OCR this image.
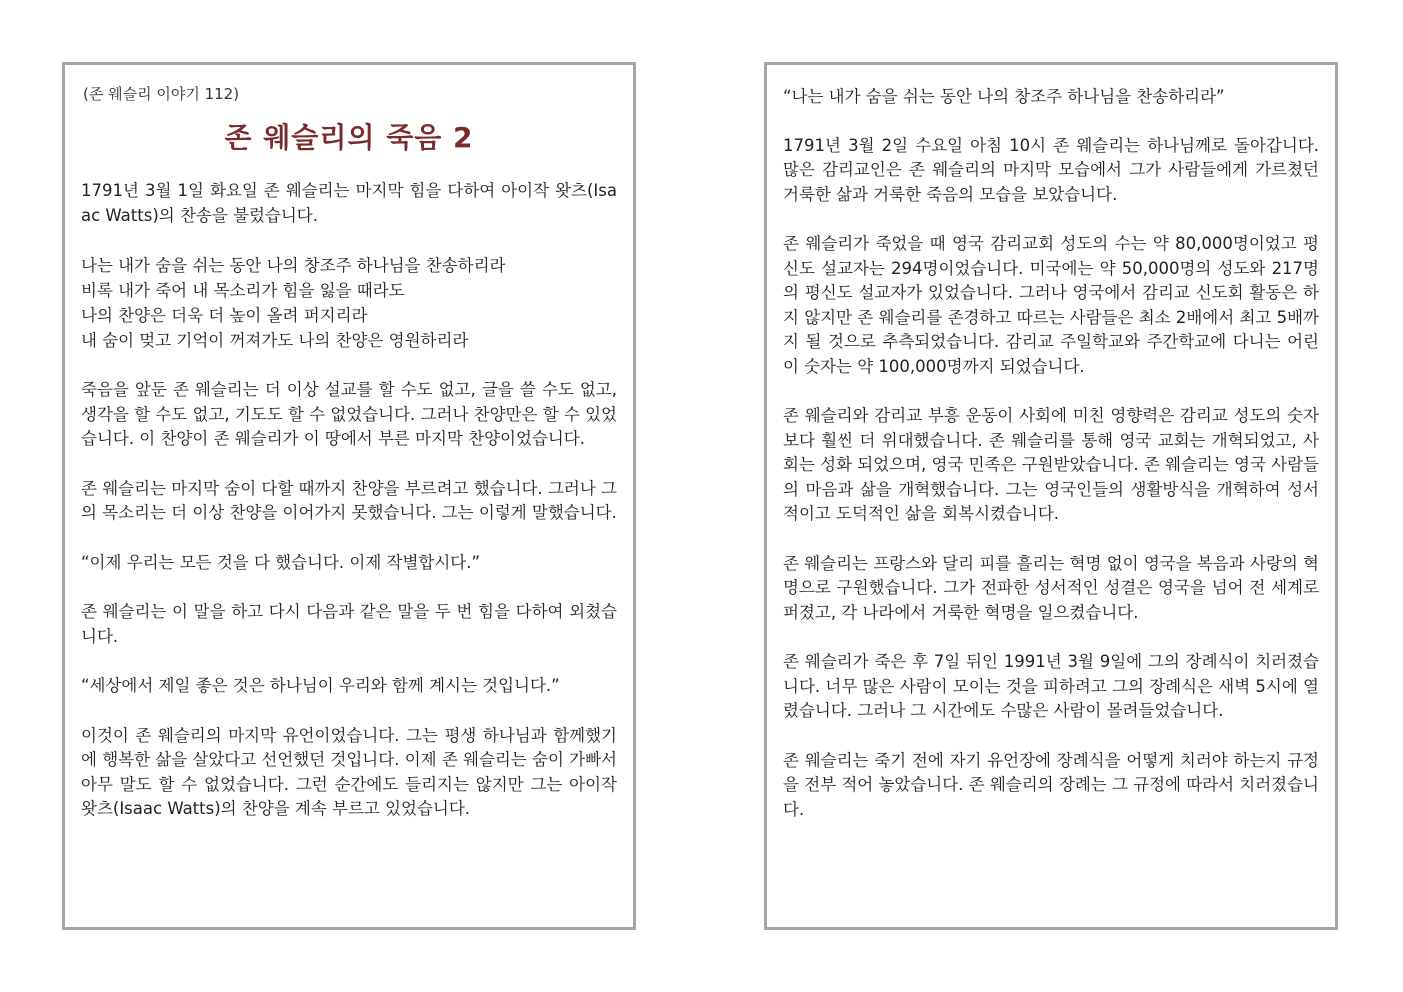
(존 웨슬리 이야기 112)
존 웨슬리의 죽음 2
1791년 3월 1일 화요일 존 웨슬리는 마지막 힘을 다하여 아이작 왓츠(Isaac Watts)의 찬송을 불렀습니다.
나는 내가 숨을 쉬는 동안 나의 창조주 하나님을 찬송하리라
비록 내가 죽어 내 목소리가 힘을 잃을 때라도
나의 찬양은 더욱 더 높이 올려 퍼지리라
내 숨이 멎고 기억이 꺼져가도 나의 찬양은 영원하리라
죽음을 앞둔 존 웨슬리는 더 이상 설교를 할 수도 없고, 글을 쓸 수도 없고, 생각을 할 수도 없고, 기도도 할 수 없었습니다. 그러나 찬양만은 할 수 있었습니다. 이 찬양이 존 웨슬리가 이 땅에서 부른 마지막 찬양이었습니다.
존 웨슬리는 마지막 숨이 다할 때까지 찬양을 부르려고 했습니다. 그러나 그의 목소리는 더 이상 찬양을 이어가지 못했습니다. 그는 이렇게 말했습니다.
“이제 우리는 모든 것을 다 했습니다. 이제 작별합시다.”
존 웨슬리는 이 말을 하고 다시 다음과 같은 말을 두 번 힘을 다하여 외쳤습니다.
“세상에서 제일 좋은 것은 하나님이 우리와 함께 계시는 것입니다.”
이것이 존 웨슬리의 마지막 유언이었습니다. 그는 평생 하나님과 함께했기에 행복한 삶을 살았다고 선언했던 것입니다. 이제 존 웨슬리는 숨이 가빠서 아무 말도 할 수 없었습니다. 그런 순간에도 들리지는 않지만 그는 아이작 왓츠(Isaac Watts)의 찬양을 계속 부르고 있었습니다.
“나는 내가 숨을 쉬는 동안 나의 창조주 하나님을 찬송하리라”
1791년 3월 2일 수요일 아침 10시 존 웨슬리는 하나님께로 돌아갑니다. 많은 감리교인은 존 웨슬리의 마지막 모습에서 그가 사람들에게 가르쳤던 거룩한 삶과 거룩한 죽음의 모습을 보았습니다.
존 웨슬리가 죽었을 때 영국 감리교회 성도의 수는 약 80,000명이었고 평신도 설교자는 294명이었습니다. 미국에는 약 50,000명의 성도와 217명의 평신도 설교자가 있었습니다. 그러나 영국에서 감리교 신도회 활동은 하지 않지만 존 웨슬리를 존경하고 따르는 사람들은 최소 2배에서 최고 5배까지 될 것으로 추측되었습니다. 감리교 주일학교와 주간학교에 다니는 어린이 숫자는 약 100,000명까지 되었습니다.
존 웨슬리와 감리교 부흥 운동이 사회에 미친 영향력은 감리교 성도의 숫자보다 훨씬 더 위대했습니다. 존 웨슬리를 통해 영국 교회는 개혁되었고, 사회는 성화 되었으며, 영국 민족은 구원받았습니다. 존 웨슬리는 영국 사람들의 마음과 삶을 개혁했습니다. 그는 영국인들의 생활방식을 개혁하여 성서적이고 도덕적인 삶을 회복시켰습니다.
존 웨슬리는 프랑스와 달리 피를 흘리는 혁명 없이 영국을 복음과 사랑의 혁명으로 구원했습니다. 그가 전파한 성서적인 성결은 영국을 넘어 전 세계로 퍼졌고, 각 나라에서 거룩한 혁명을 일으켰습니다.
존 웨슬리가 죽은 후 7일 뒤인 1991년 3월 9일에 그의 장례식이 치러졌습니다. 너무 많은 사람이 모이는 것을 피하려고 그의 장례식은 새벽 5시에 열렸습니다. 그러나 그 시간에도 수많은 사람이 몰려들었습니다.
존 웨슬리는 죽기 전에 자기 유언장에 장례식을 어떻게 치러야 하는지 규정을 전부 적어 놓았습니다. 존 웨슬리의 장례는 그 규정에 따라서 치러졌습니다.
